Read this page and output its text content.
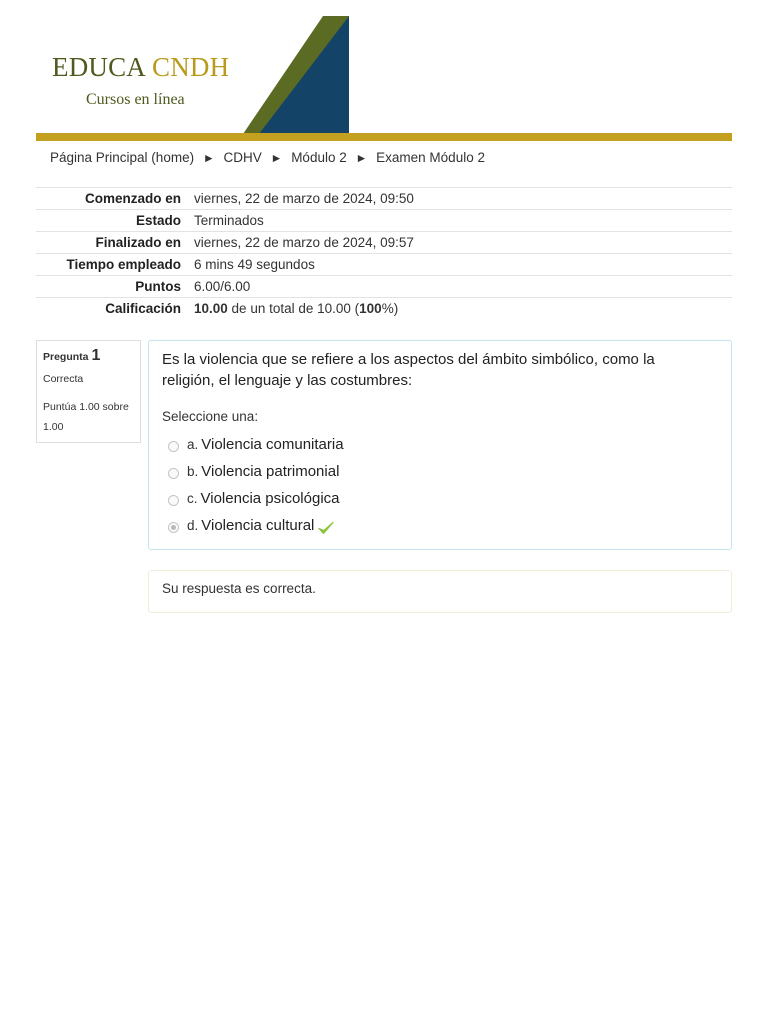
EDUCA CNDH
Cursos en línea
Página Principal (home) ► CDHV ► Módulo 2 ► Examen Módulo 2
Comenzado en	viernes, 22 de marzo de 2024, 09:50
Estado	Terminados
Finalizado en	viernes, 22 de marzo de 2024, 09:57
Tiempo empleado	6 mins 49 segundos
Puntos	6.00/6.00
Calificación	10.00 de un total de 10.00 (100%)
Pregunta 1
Correcta
Puntúa 1.00 sobre 1.00
Es la violencia que se refiere a los aspectos del ámbito simbólico, como la religión, el lenguaje y las costumbres:
Seleccione una:
a. Violencia comunitaria
b. Violencia patrimonial
c. Violencia psicológica
d. Violencia cultural
Su respuesta es correcta.
